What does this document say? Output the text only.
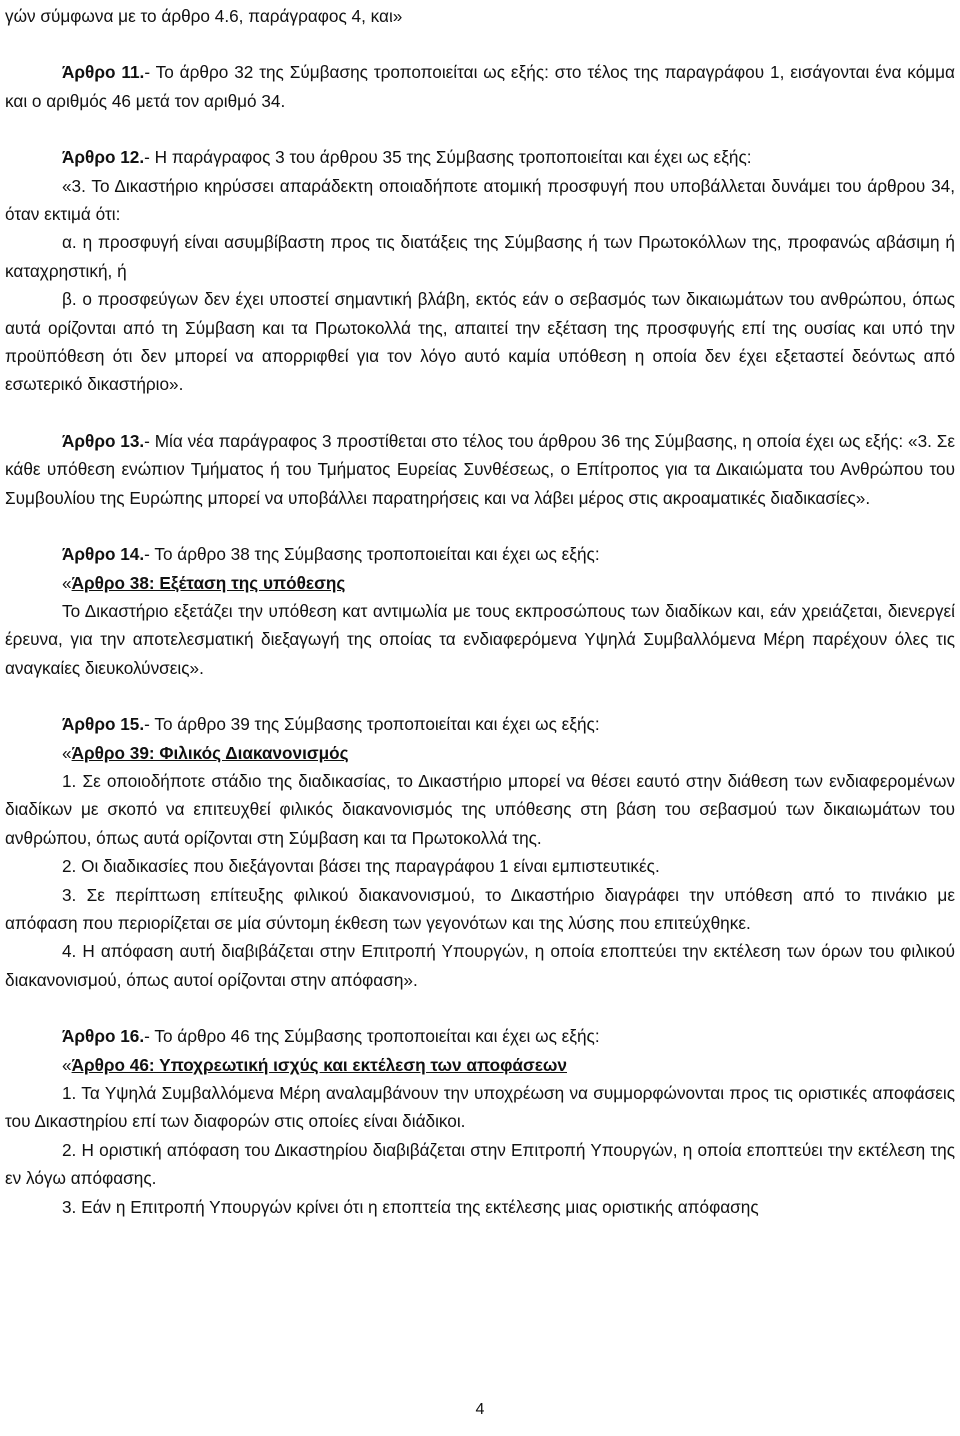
γών σύμφωνα με το άρθρο 4.6, παράγραφος 4, και»

Άρθρο 11.- Το άρθρο 32 της Σύμβασης τροποποιείται ως εξής: στο τέλος της παραγράφου 1, εισάγονται ένα κόμμα και ο αριθμός 46 μετά τον αριθμό 34.

Άρθρο 12.- Η παράγραφος 3 του άρθρου 35 της Σύμβασης τροποποιείται και έχει ως εξής:

«3. Το Δικαστήριο κηρύσσει απαράδεκτη οποιαδήποτε ατομική προσφυγή που υποβάλλεται δυνάμει του άρθρου 34, όταν εκτιμά ότι:

α. η προσφυγή είναι ασυμβίβαστη προς τις διατάξεις της Σύμβασης ή των Πρωτοκόλλων της, προφανώς αβάσιμη ή καταχρηστική, ή

β. ο προσφεύγων δεν έχει υποστεί σημαντική βλάβη, εκτός εάν ο σεβασμός των δικαιωμάτων του ανθρώπου, όπως αυτά ορίζονται από τη Σύμβαση και τα Πρωτοκολλά της, απαιτεί την εξέταση της προσφυγής επί της ουσίας και υπό την προϋπόθεση ότι δεν μπορεί να απορριφθεί για τον λόγο αυτό καμία υπόθεση η οποία δεν έχει εξεταστεί δεόντως από εσωτερικό δικαστήριο».

Άρθρο 13.- Μία νέα παράγραφος 3 προστίθεται στο τέλος του άρθρου 36 της Σύμβασης, η οποία έχει ως εξής: «3. Σε κάθε υπόθεση ενώπιον Τμήματος ή του Τμήματος Ευρείας Συνθέσεως, ο Επίτροπος για τα Δικαιώματα του Ανθρώπου του Συμβουλίου της Ευρώπης μπορεί να υποβάλλει παρατηρήσεις και να λάβει μέρος στις ακροαματικές διαδικασίες».

Άρθρο 14.- Το άρθρο 38 της Σύμβασης τροποποιείται και έχει ως εξής:

«Άρθρο 38: Εξέταση της υπόθεσης

Το Δικαστήριο εξετάζει την υπόθεση κατ αντιμωλία με τους εκπροσώπους των διαδίκων και, εάν χρειάζεται, διενεργεί έρευνα, για την αποτελεσματική διεξαγωγή της οποίας τα ενδιαφερόμενα Υψηλά Συμβαλλόμενα Μέρη παρέχουν όλες τις αναγκαίες διευκολύνσεις».

Άρθρο 15.- Το άρθρο 39 της Σύμβασης τροποποιείται και έχει ως εξής:

«Άρθρο 39: Φιλικός Διακανονισμός

1. Σε οποιοδήποτε στάδιο της διαδικασίας, το Δικαστήριο μπορεί να θέσει εαυτό στην διάθεση των ενδιαφερομένων διαδίκων με σκοπό να επιτευχθεί φιλικός διακανονισμός της υπόθεσης στη βάση του σεβασμού των δικαιωμάτων του ανθρώπου, όπως αυτά ορίζονται στη Σύμβαση και τα Πρωτοκολλά της.

2. Οι διαδικασίες που διεξάγονται βάσει της παραγράφου 1 είναι εμπιστευτικές.

3. Σε περίπτωση επίτευξης φιλικού διακανονισμού, το Δικαστήριο διαγράφει την υπόθεση από το πινάκιο με απόφαση που περιορίζεται σε μία σύντομη έκθεση των γεγονότων και της λύσης που επιτεύχθηκε.

4. Η απόφαση αυτή διαβιβάζεται στην Επιτροπή Υπουργών, η οποία εποπτεύει την εκτέλεση των όρων του φιλικού διακανονισμού, όπως αυτοί ορίζονται στην απόφαση».

Άρθρο 16.- Το άρθρο 46 της Σύμβασης τροποποιείται και έχει ως εξής:

«Άρθρο 46: Υποχρεωτική ισχύς και εκτέλεση των αποφάσεων

1. Τα Υψηλά Συμβαλλόμενα Μέρη αναλαμβάνουν την υποχρέωση να συμμορφώνονται προς τις οριστικές αποφάσεις του Δικαστηρίου επί των διαφορών στις οποίες είναι διάδικοι.

2. Η οριστική απόφαση του Δικαστηρίου διαβιβάζεται στην Επιτροπή Υπουργών, η οποία εποπτεύει την εκτέλεση της εν λόγω απόφασης.

3. Εάν η Επιτροπή Υπουργών κρίνει ότι η εποπτεία της εκτέλεσης μιας οριστικής απόφασης

4
